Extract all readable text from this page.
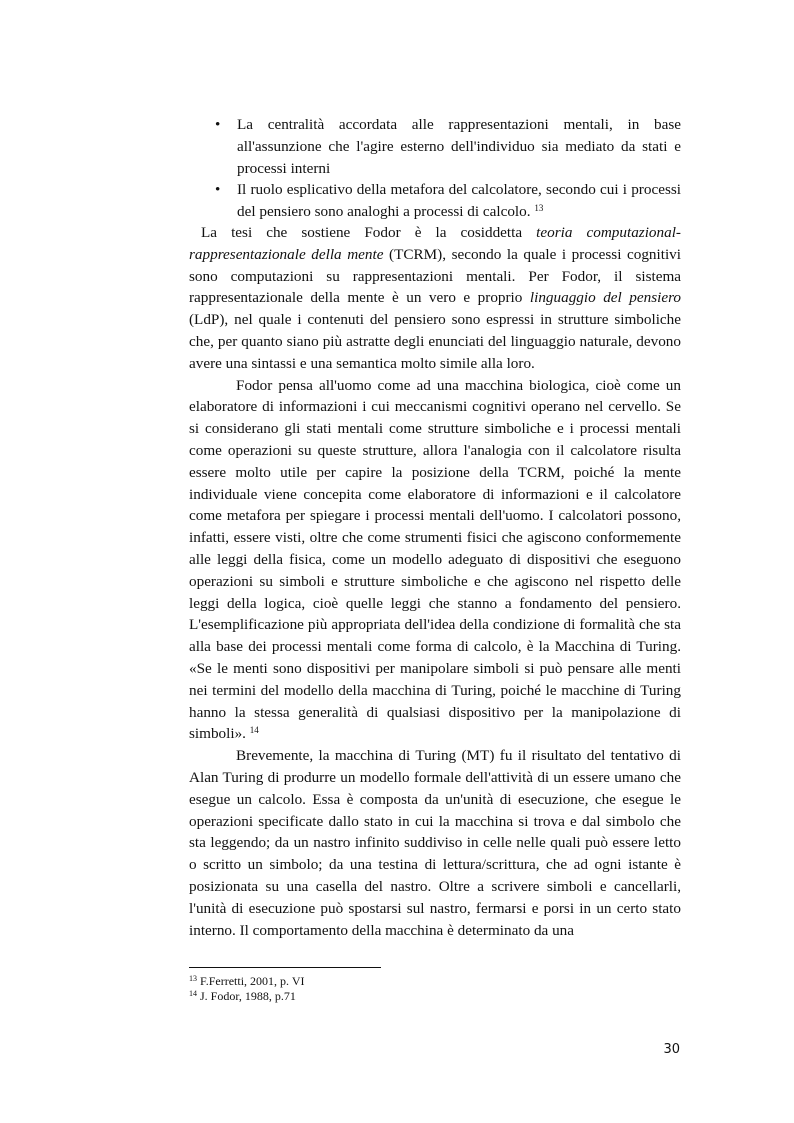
• La centralità accordata alle rappresentazioni mentali, in base all'assunzione che l'agire esterno dell'individuo sia mediato da stati e processi interni
• Il ruolo esplicativo della metafora del calcolatore, secondo cui i processi del pensiero sono analoghi a processi di calcolo. $^{13}$

La tesi che sostiene Fodor è la cosiddetta teoria computazional-rappresentazionale della mente (TCRM), secondo la quale i processi cognitivi sono computazioni su rappresentazioni mentali. Per Fodor, il sistema rappresentazionale della mente è un vero e proprio linguaggio del pensiero (LdP), nel quale i contenuti del pensiero sono espressi in strutture simboliche che, per quanto siano più astratte degli enunciati del linguaggio naturale, devono avere una sintassi e una semantica molto simile alla loro.

Fodor pensa all'uomo come ad una macchina biologica, cioè come un elaboratore di informazioni i cui meccanismi cognitivi operano nel cervello. Se si considerano gli stati mentali come strutture simboliche e i processi mentali come operazioni su queste strutture, allora l'analogia con il calcolatore risulta essere molto utile per capire la posizione della TCRM, poiché la mente individuale viene concepita come elaboratore di informazioni e il calcolatore come metafora per spiegare i processi mentali dell'uomo. I calcolatori possono, infatti, essere visti, oltre che come strumenti fisici che agiscono conformemente alle leggi della fisica, come un modello adeguato di dispositivi che eseguono operazioni su simboli e strutture simboliche e che agiscono nel rispetto delle leggi della logica, cioè quelle leggi che stanno a fondamento del pensiero. L'esemplificazione più appropriata dell'idea della condizione di formalità che sta alla base dei processi mentali come forma di calcolo, è la Macchina di Turing. «Se le menti sono dispositivi per manipolare simboli si può pensare alle menti nei termini del modello della macchina di Turing, poiché le macchine di Turing hanno la stessa generalità di qualsiasi dispositivo per la manipolazione di simboli». $^{14}$

Brevemente, la macchina di Turing (MT) fu il risultato del tentativo di Alan Turing di produrre un modello formale dell'attività di un essere umano che esegue un calcolo. Essa è composta da un'unità di esecuzione, che esegue le operazioni specificate dallo stato in cui la macchina si trova e dal simbolo che sta leggendo; da un nastro infinito suddiviso in celle nelle quali può essere letto o scritto un simbolo; da una testina di lettura/scrittura, che ad ogni istante è posizionata su una casella del nastro. Oltre a scrivere simboli e cancellarli, l'unità di esecuzione può spostarsi sul nastro, fermarsi e porsi in un certo stato interno. Il comportamento della macchina è determinato da una

$^{13}$ F.Ferretti, 2001, p. VI
$^{14}$ J. Fodor, 1988, p.71
30
